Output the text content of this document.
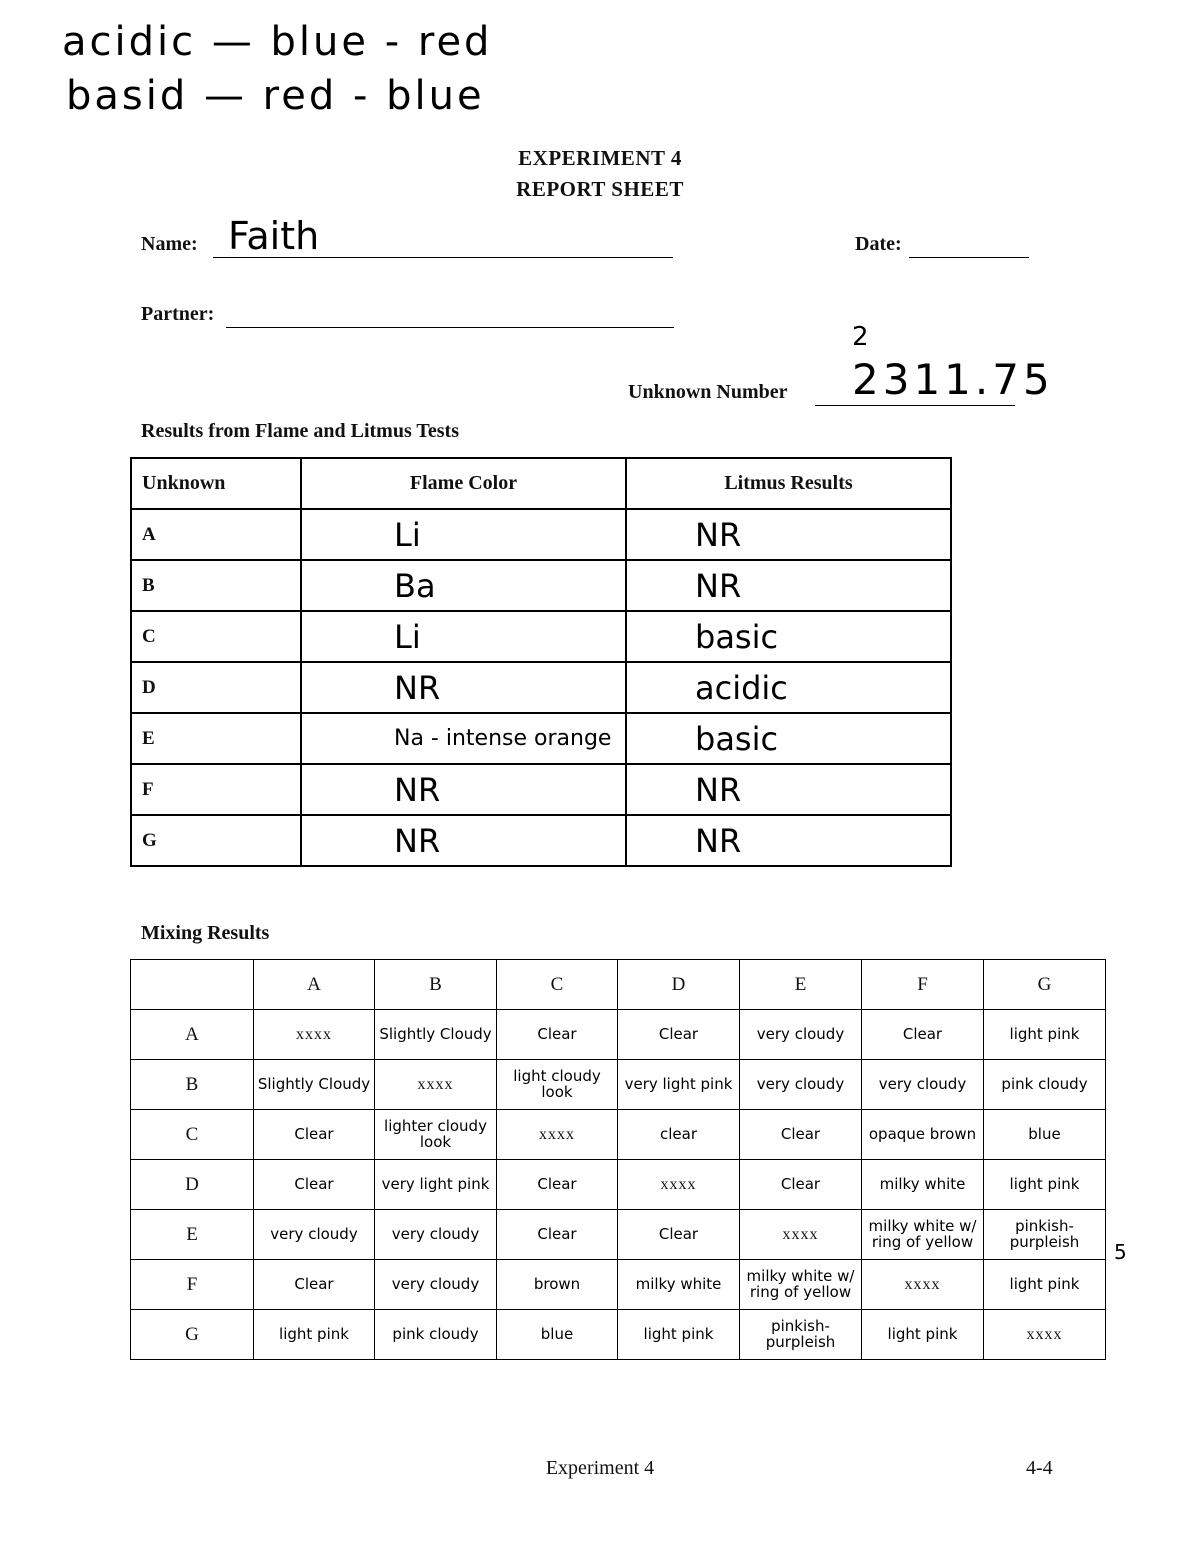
acidic — blue - red
basid — red - blue
EXPERIMENT 4
REPORT SHEET
Name: Faith	Date:
Partner:
2
Unknown Number 2311.75
Results from Flame and Litmus Tests
Unknown	Flame Color	Litmus Results
A	Li	NR
B	Ba	NR
C	Li	basic
D	NR	acidic
E	Na - intense orange	basic
F	NR	NR
G	NR	NR
Mixing Results
	A	B	C	D	E	F	G
A	xxxx	Slightly Cloudy	Clear	Clear	very cloudy	Clear	light pink
B	Slightly Cloudy	xxxx	light cloudy look	very light pink	very cloudy	very cloudy	pink cloudy
C	Clear	lighter cloudy look	xxxx	clear	Clear	opaque brown	blue
D	Clear	very light pink	Clear	xxxx	Clear	milky white	light pink
E	very cloudy	very cloudy	Clear	Clear	xxxx	milky white w/ ring of yellow	pinkish-purpleish
F	Clear	very cloudy	brown	milky white	milky white w/ ring of yellow	xxxx	light pink
G	light pink	pink cloudy	blue	light pink	pinkish-purpleish	light pink	xxxx
5
Experiment 4	4-4
